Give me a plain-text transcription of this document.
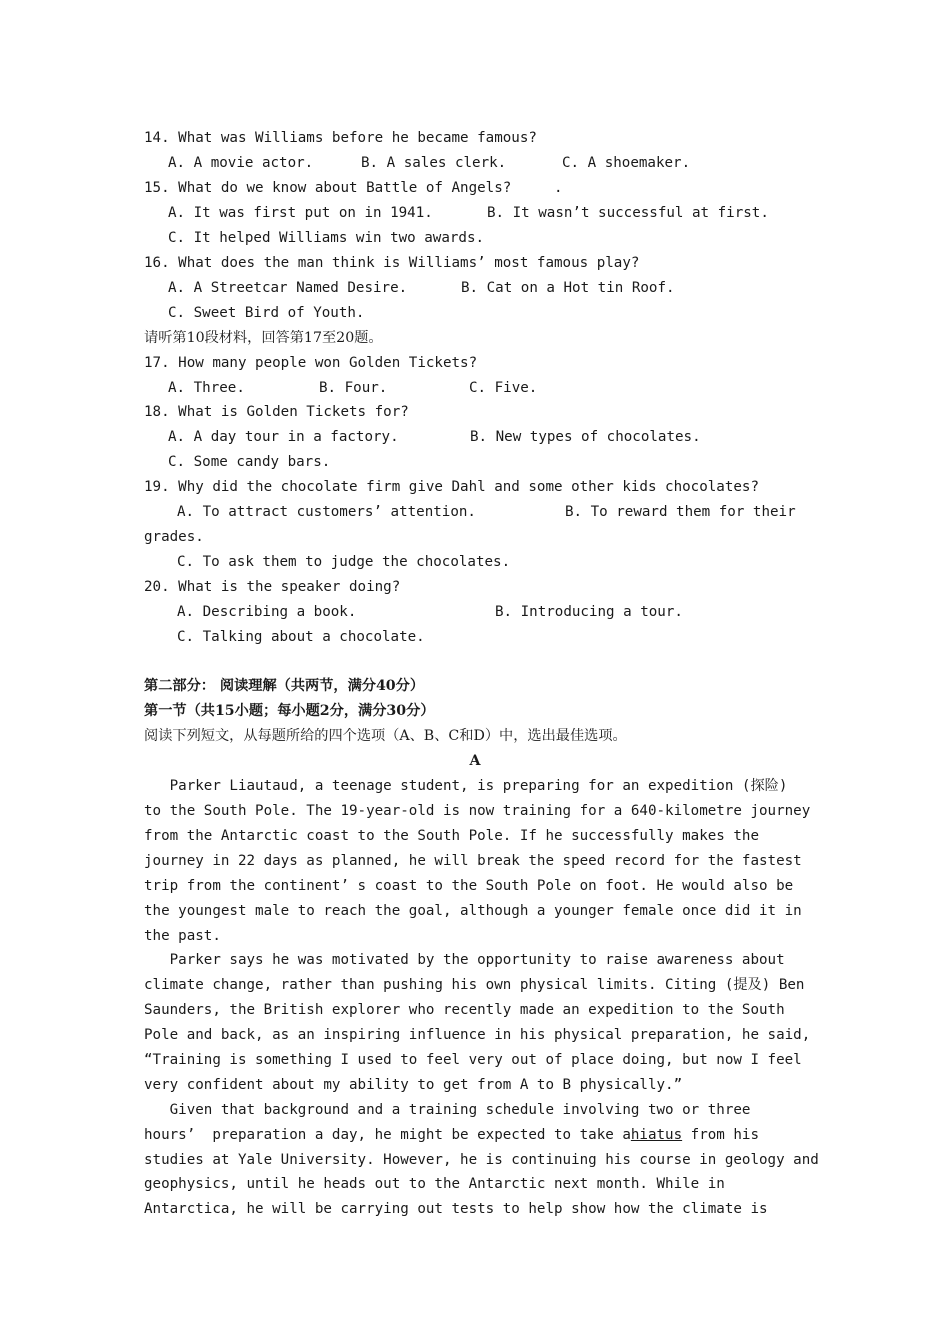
14. What was Williams before he became famous?
A. A movie actor.	B. A sales clerk.	C. A shoemaker.
15. What do we know about Battle of Angels?     .
A. It was first put on in 1941.	B. It wasn’t successful at first.
C. It helped Williams win two awards.
16. What does the man think is Williams’ most famous play?
A. A Streetcar Named Desire.	B. Cat on a Hot tin Roof.
C. Sweet Bird of Youth.
请听第10段材料，回答第17至20题。
17. How many people won Golden Tickets?
A. Three.	B. Four.	C. Five.
18. What is Golden Tickets for?
A. A day tour in a factory.	B. New types of chocolates.
C. Some candy bars.
19. Why did the chocolate firm give Dahl and some other kids chocolates?
A. To attract customers’ attention.	B. To reward them for their
grades.
C. To ask them to judge the chocolates.
20. What is the speaker doing?
A. Describing a book.	B. Introducing a tour.
C. Talking about a chocolate.
第二部分： 阅读理解（共两节，满分40分）
第一节（共15小题；每小题2分，满分30分）
阅读下列短文，从每题所给的四个选项（A、B、C和D）中，选出最佳选项。
A
Parker Liautaud, a teenage student, is preparing for an expedition (探险)
to the South Pole. The 19-year-old is now training for a 640-kilometre journey
from the Antarctic coast to the South Pole. If he successfully makes the
journey in 22 days as planned, he will break the speed record for the fastest
trip from the continent’ s coast to the South Pole on foot. He would also be
the youngest male to reach the goal, although a younger female once did it in
the past.
Parker says he was motivated by the opportunity to raise awareness about
climate change, rather than pushing his own physical limits. Citing (提及) Ben
Saunders, the British explorer who recently made an expedition to the South
Pole and back, as an inspiring influence in his physical preparation, he said,
“Training is something I used to feel very out of place doing, but now I feel
very confident about my ability to get from A to B physically.”
Given that background and a training schedule involving two or three
hours’  preparation a day, he might be expected to take ahiatus from his
studies at Yale University. However, he is continuing his course in geology and
geophysics, until he heads out to the Antarctic next month. While in
Antarctica, he will be carrying out tests to help show how the climate is
